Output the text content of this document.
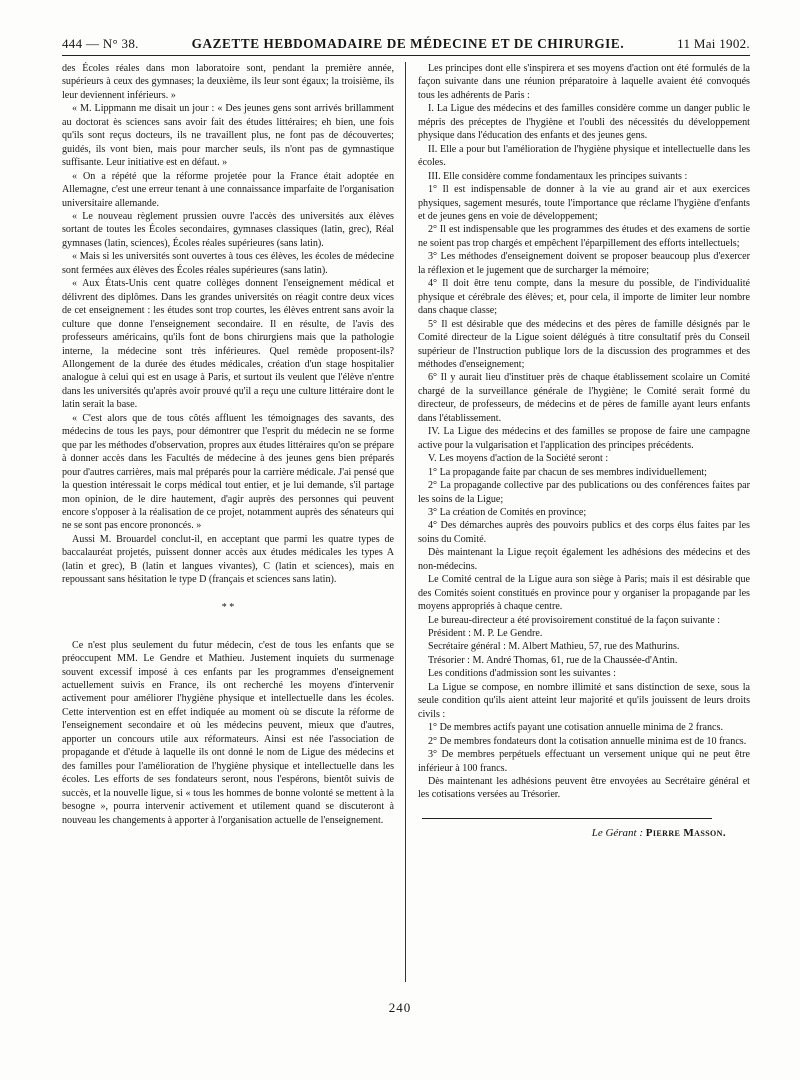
444 — N° 38.	GAZETTE HEBDOMADAIRE DE MÉDECINE ET DE CHIRURGIE.	11 Mai 1902.

des Écoles réales dans mon laboratoire sont, pendant la première année, supérieurs à ceux des gymnases; la deuxième, ils leur sont égaux; la troisième, ils leur deviennent inférieurs. »

« M. Lippmann me disait un jour : « Des jeunes gens sont arrivés brillamment au doctorat ès sciences sans avoir fait des études littéraires; eh bien, une fois qu'ils sont reçus docteurs, ils ne travaillent plus, ne font pas de découvertes; guidés, ils vont bien, mais pour marcher seuls, ils n'ont pas de gymnastique suffisante. Leur initiative est en défaut. »

« On a répété que la réforme projetée pour la France était adoptée en Allemagne, c'est une erreur tenant à une connaissance imparfaite de l'organisation universitaire allemande.

« Le nouveau règlement prussien ouvre l'accès des universités aux élèves sortant de toutes les Écoles secondaires, gymnases classiques (latin, grec), Réal gymnases (latin, sciences), Écoles réales supérieures (sans latin).

« Mais si les universités sont ouvertes à tous ces élèves, les écoles de médecine sont fermées aux élèves des Écoles réales supérieures (sans latin).

« Aux États-Unis cent quatre collèges donnent l'enseignement médical et délivrent des diplômes. Dans les grandes universités on réagit contre deux vices de cet enseignement : les études sont trop courtes, les élèves entrent sans avoir la culture que donne l'enseignement secondaire. Il en résulte, de l'avis des professeurs américains, qu'ils font de bons chirurgiens mais que la pathologie interne, la médecine sont très inférieures. Quel remède proposent-ils? Allongement de la durée des études médicales, création d'un stage hospitalier analogue à celui qui est en usage à Paris, et surtout ils veulent que l'élève n'entre dans les universités qu'après avoir prouvé qu'il a reçu une culture littéraire dont le latin serait la base.

« C'est alors que de tous côtés affluent les témoignages des savants, des médecins de tous les pays, pour démontrer que l'esprit du médecin ne se forme que par les méthodes d'observation, propres aux études littéraires qu'on se prépare à donner accès dans les Facultés de médecine à des jeunes gens bien préparés pour d'autres carrières, mais mal préparés pour la carrière médicale. J'ai pensé que la question intéressait le corps médical tout entier, et je lui demande, s'il partage mon opinion, de le dire hautement, d'agir auprès des personnes qui peuvent encore s'opposer à la réalisation de ce projet, notamment auprès des sénateurs qui ne se sont pas encore prononcés. »

Aussi M. Brouardel conclut-il, en acceptant que parmi les quatre types de baccalauréat projetés, puissent donner accès aux études médicales les types A (latin et grec), B (latin et langues vivantes), C (latin et sciences), mais en repoussant sans hésitation le type D (français et sciences sans latin).

* *

Ce n'est plus seulement du futur médecin, c'est de tous les enfants que se préoccupent MM. Le Gendre et Mathieu. Justement inquiets du surmenage souvent excessif imposé à ces enfants par les programmes d'enseignement actuellement suivis en France, ils ont recherché les moyens d'intervenir activement pour améliorer l'hygiène physique et intellectuelle dans les écoles. Cette intervention est en effet indiquée au moment où se discute la réforme de l'enseignement secondaire et où les médecins peuvent, mieux que d'autres, apporter un concours utile aux réformateurs. Ainsi est née l'association de propagande et d'étude à laquelle ils ont donné le nom de Ligue des médecins et des familles pour l'amélioration de l'hygiène physique et intellectuelle dans les écoles. Les efforts de ses fondateurs seront, nous l'espérons, bientôt suivis de succès, et la nouvelle ligue, si « tous les hommes de bonne volonté se mettent à la besogne », pourra intervenir activement et utilement quand se discuteront à nouveau les changements à apporter à l'organisation actuelle de l'enseignement.

Les principes dont elle s'inspirera et ses moyens d'action ont été formulés de la façon suivante dans une réunion préparatoire à laquelle avaient été convoqués tous les adhérents de Paris :

I. La Ligue des médecins et des familles considère comme un danger public le mépris des préceptes de l'hygiène et l'oubli des nécessités du développement physique dans l'éducation des enfants et des jeunes gens.

II. Elle a pour but l'amélioration de l'hygiène physique et intellectuelle dans les écoles.

III. Elle considère comme fondamentaux les principes suivants :

1° Il est indispensable de donner à la vie au grand air et aux exercices physiques, sagement mesurés, toute l'importance que réclame l'hygiène d'enfants et de jeunes gens en voie de développement;

2° Il est indispensable que les programmes des études et des examens de sortie ne soient pas trop chargés et empêchent l'éparpillement des efforts intellectuels;

3° Les méthodes d'enseignement doivent se proposer beaucoup plus d'exercer la réflexion et le jugement que de surcharger la mémoire;

4° Il doit être tenu compte, dans la mesure du possible, de l'individualité physique et cérébrale des élèves; et, pour cela, il importe de limiter leur nombre dans chaque classe;

5° Il est désirable que des médecins et des pères de famille désignés par le Comité directeur de la Ligue soient délégués à titre consultatif près du Conseil supérieur de l'Instruction publique lors de la discussion des programmes et des méthodes d'enseignement;

6° Il y aurait lieu d'instituer près de chaque établissement scolaire un Comité chargé de la surveillance générale de l'hygiène; le Comité serait formé du directeur, de professeurs, de médecins et de pères de famille ayant leurs enfants dans l'établissement.

IV. La Ligue des médecins et des familles se propose de faire une campagne active pour la vulgarisation et l'application des principes précédents.

V. Les moyens d'action de la Société seront :

1° La propagande faite par chacun de ses membres individuellement;

2° La propagande collective par des publications ou des conférences faites par les soins de la Ligue;

3° La création de Comités en province;

4° Des démarches auprès des pouvoirs publics et des corps élus faites par les soins du Comité.

Dès maintenant la Ligue reçoit également les adhésions des médecins et des non-médecins.

Le Comité central de la Ligue aura son siège à Paris; mais il est désirable que des Comités soient constitués en province pour y organiser la propagande par les moyens appropriés à chaque centre.

Le bureau-directeur a été provisoirement constitué de la façon suivante :

Président : M. P. Le Gendre.

Secrétaire général : M. Albert Mathieu, 57, rue des Mathurins.

Trésorier : M. André Thomas, 61, rue de la Chaussée-d'Antin.

Les conditions d'admission sont les suivantes :

La Ligue se compose, en nombre illimité et sans distinction de sexe, sous la seule condition qu'ils aient atteint leur majorité et qu'ils jouissent de leurs droits civils :

1° De membres actifs payant une cotisation annuelle minima de 2 francs.

2° De membres fondateurs dont la cotisation annuelle minima est de 10 francs.

3° De membres perpétuels effectuant un versement unique qui ne peut être inférieur à 100 francs.

Dès maintenant les adhésions peuvent être envoyées au Secrétaire général et les cotisations versées au Trésorier.

Le Gérant : Pierre Masson.
240
